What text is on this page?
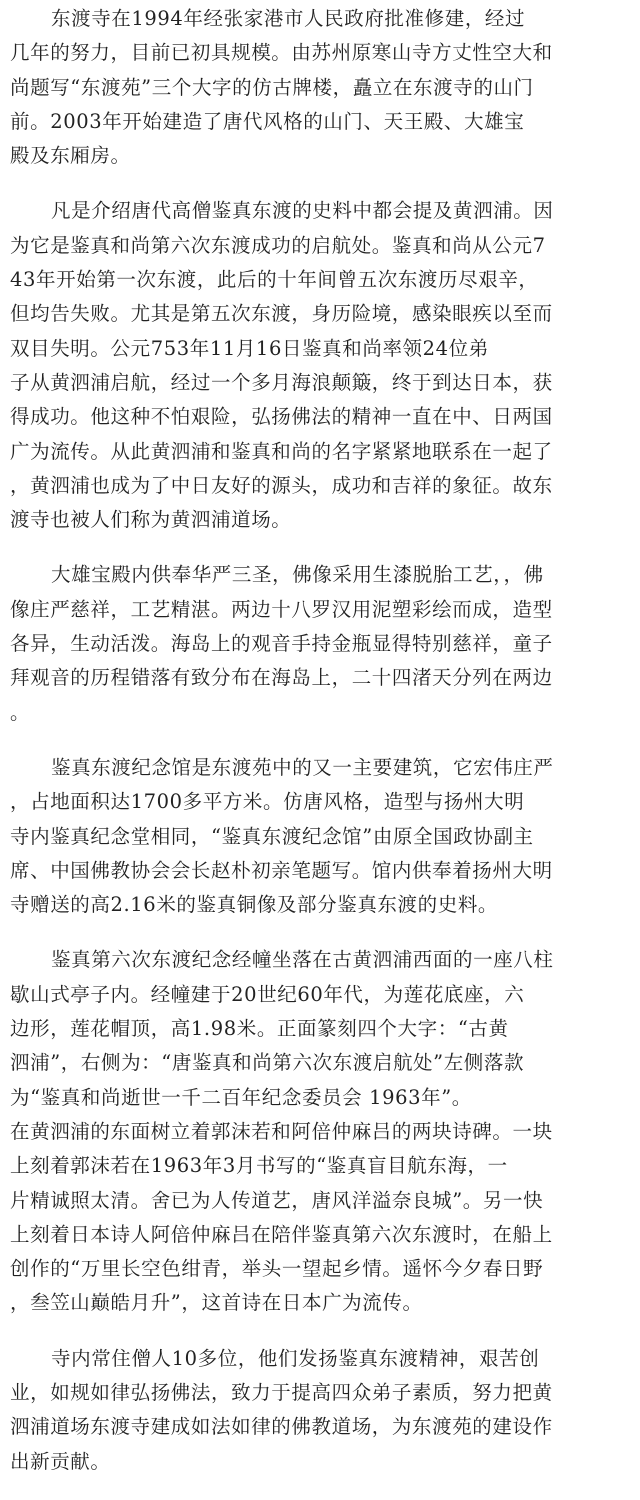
东渡寺在1994年经张家港市人民政府批准修建，经过
几年的努力，目前已初具规模。由苏州原寒山寺方丈性空大和
尚题写“东渡苑”三个大字的仿古牌楼，矗立在东渡寺的山门
前。2003年开始建造了唐代风格的山门、天王殿、大雄宝
殿及东厢房。
凡是介绍唐代高僧鉴真东渡的史料中都会提及黄泗浦。因
为它是鉴真和尚第六次东渡成功的启航处。鉴真和尚从公元7
43年开始第一次东渡，此后的十年间曾五次东渡历尽艰辛，
但均告失败。尤其是第五次东渡，身历险境，感染眼疾以至而
双目失明。公元753年11月16日鉴真和尚率领24位弟
子从黄泗浦启航，经过一个多月海浪颠簸，终于到达日本，获
得成功。他这种不怕艰险，弘扬佛法的精神一直在中、日两国
广为流传。从此黄泗浦和鉴真和尚的名字紧紧地联系在一起了
，黄泗浦也成为了中日友好的源头，成功和吉祥的象征。故东
渡寺也被人们称为黄泗浦道场。
大雄宝殿内供奉华严三圣，佛像采用生漆脱胎工艺，，佛
像庄严慈祥，工艺精湛。两边十八罗汉用泥塑彩绘而成，造型
各异，生动活泼。海岛上的观音手持金瓶显得特别慈祥，童子
拜观音的历程错落有致分布在海岛上，二十四渚天分列在两边
。
鉴真东渡纪念馆是东渡苑中的又一主要建筑，它宏伟庄严
，占地面积达1700多平方米。仿唐风格，造型与扬州大明
寺内鉴真纪念堂相同，“鉴真东渡纪念馆”由原全国政协副主
席、中国佛教协会会长赵朴初亲笔题写。馆内供奉着扬州大明
寺赠送的高2.16米的鉴真铜像及部分鉴真东渡的史料。
鉴真第六次东渡纪念经幢坐落在古黄泗浦西面的一座八柱
歇山式亭子内。经幢建于20世纪60年代，为莲花底座，六
边形，莲花帽顶，高1.98米。正面篆刻四个大字：“古黄
泗浦”，右侧为：“唐鉴真和尚第六次东渡启航处”左侧落款
为“鉴真和尚逝世一千二百年纪念委员会 1963年”。
在黄泗浦的东面树立着郭沫若和阿倍仲麻吕的两块诗碑。一块
上刻着郭沫若在1963年3月书写的“鉴真盲目航东海，一
片精诚照太清。舍已为人传道艺，唐风洋溢奈良城”。另一快
上刻着日本诗人阿倍仲麻吕在陪伴鉴真第六次东渡时，在船上
创作的“万里长空色绀青，举头一望起乡情。遥怀今夕春日野
，叁笠山巅皓月升”，这首诗在日本广为流传。
寺内常住僧人10多位，他们发扬鉴真东渡精神，艰苦创
业，如规如律弘扬佛法，致力于提高四众弟子素质，努力把黄
泗浦道场东渡寺建成如法如律的佛教道场，为东渡苑的建设作
出新贡献。
